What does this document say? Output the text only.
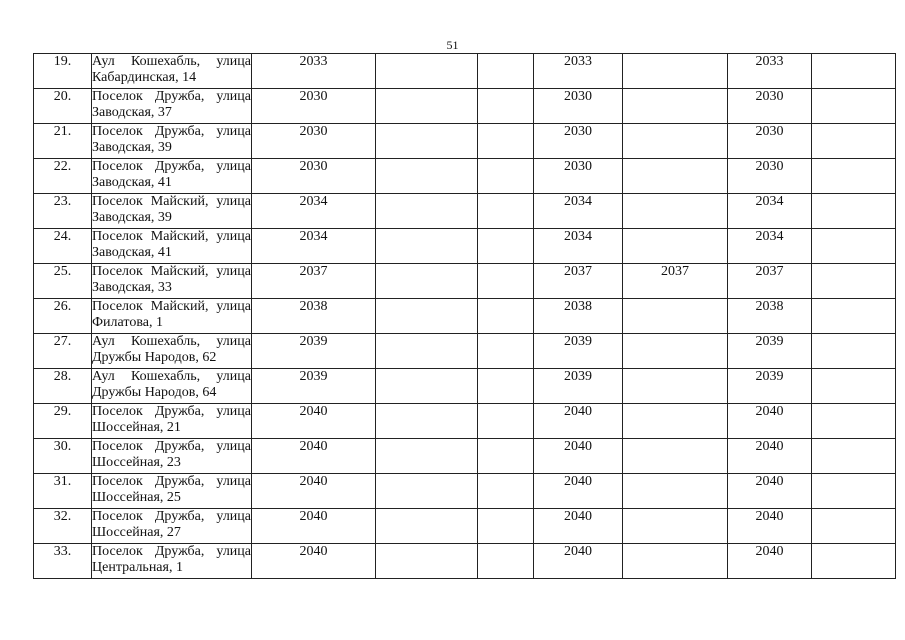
51
19.	Аул Кошехабль, улица Кабардинская, 14	2033			2033		2033	
20.	Поселок Дружба, улица Заводская, 37	2030			2030		2030	
21.	Поселок Дружба, улица Заводская, 39	2030			2030		2030	
22.	Поселок Дружба, улица Заводская, 41	2030			2030		2030	
23.	Поселок Майский, улица Заводская, 39	2034			2034		2034	
24.	Поселок Майский, улица Заводская, 41	2034			2034		2034	
25.	Поселок Майский, улица Заводская, 33	2037			2037	2037	2037	
26.	Поселок Майский, улица Филатова, 1	2038			2038		2038	
27.	Аул Кошехабль, улица Дружбы Народов, 62	2039			2039		2039	
28.	Аул Кошехабль, улица Дружбы Народов, 64	2039			2039		2039	
29.	Поселок Дружба, улица Шоссейная, 21	2040			2040		2040	
30.	Поселок Дружба, улица Шоссейная, 23	2040			2040		2040	
31.	Поселок Дружба, улица Шоссейная, 25	2040			2040		2040	
32.	Поселок Дружба, улица Шоссейная, 27	2040			2040		2040	
33.	Поселок Дружба, улица Центральная, 1	2040			2040		2040	
